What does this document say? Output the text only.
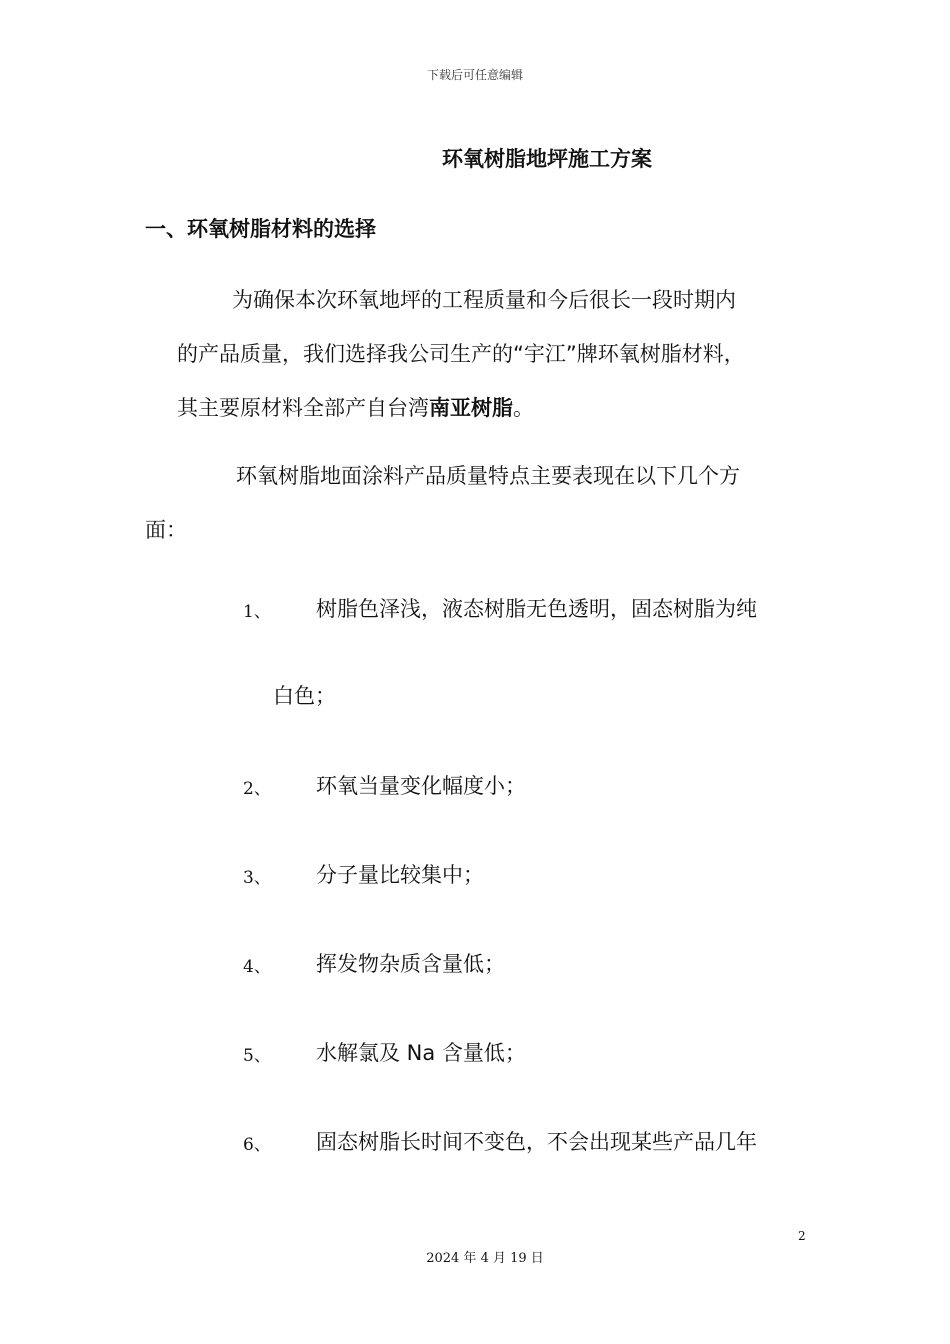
下载后可任意编辑
环氧树脂地坪施工方案
一、环氧树脂材料的选择
为确保本次环氧地坪的工程质量和今后很长一段时期内
的产品质量，我们选择我公司生产的“宇江”牌环氧树脂材料，
其主要原材料全部产自台湾南亚树脂。
环氧树脂地面涂料产品质量特点主要表现在以下几个方
面：
1、 树脂色泽浅，液态树脂无色透明，固态树脂为纯
白色；
2、 环氧当量变化幅度小；
3、 分子量比较集中；
4、 挥发物杂质含量低；
5、 水解氯及 Na 含量低；
6、 固态树脂长时间不变色，不会出现某些产品几年
2
2024 年 4 月 19 日
